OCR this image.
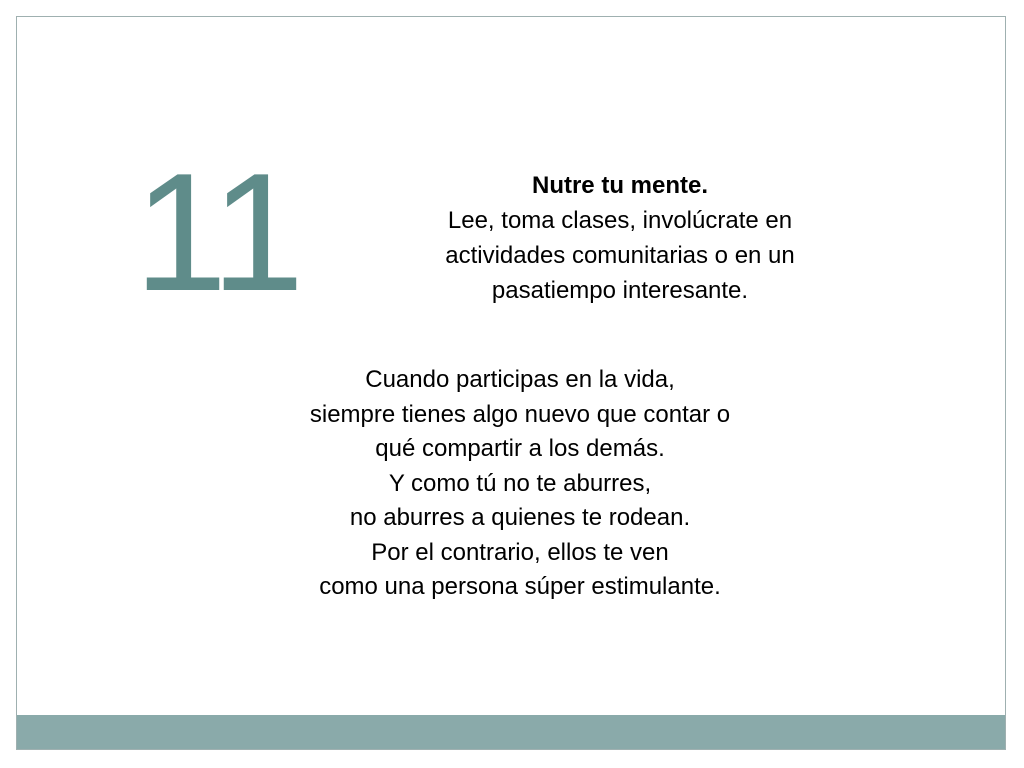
11	Nutre tu mente.
Lee, toma clases, involúcrate en
actividades comunitarias o en un
pasatiempo interesante.
Cuando participas en la vida,
siempre tienes algo nuevo que contar o
qué compartir a los demás.
Y como tú no te aburres,
no aburres a quienes te rodean.
Por el contrario, ellos te ven
como una persona súper estimulante.
